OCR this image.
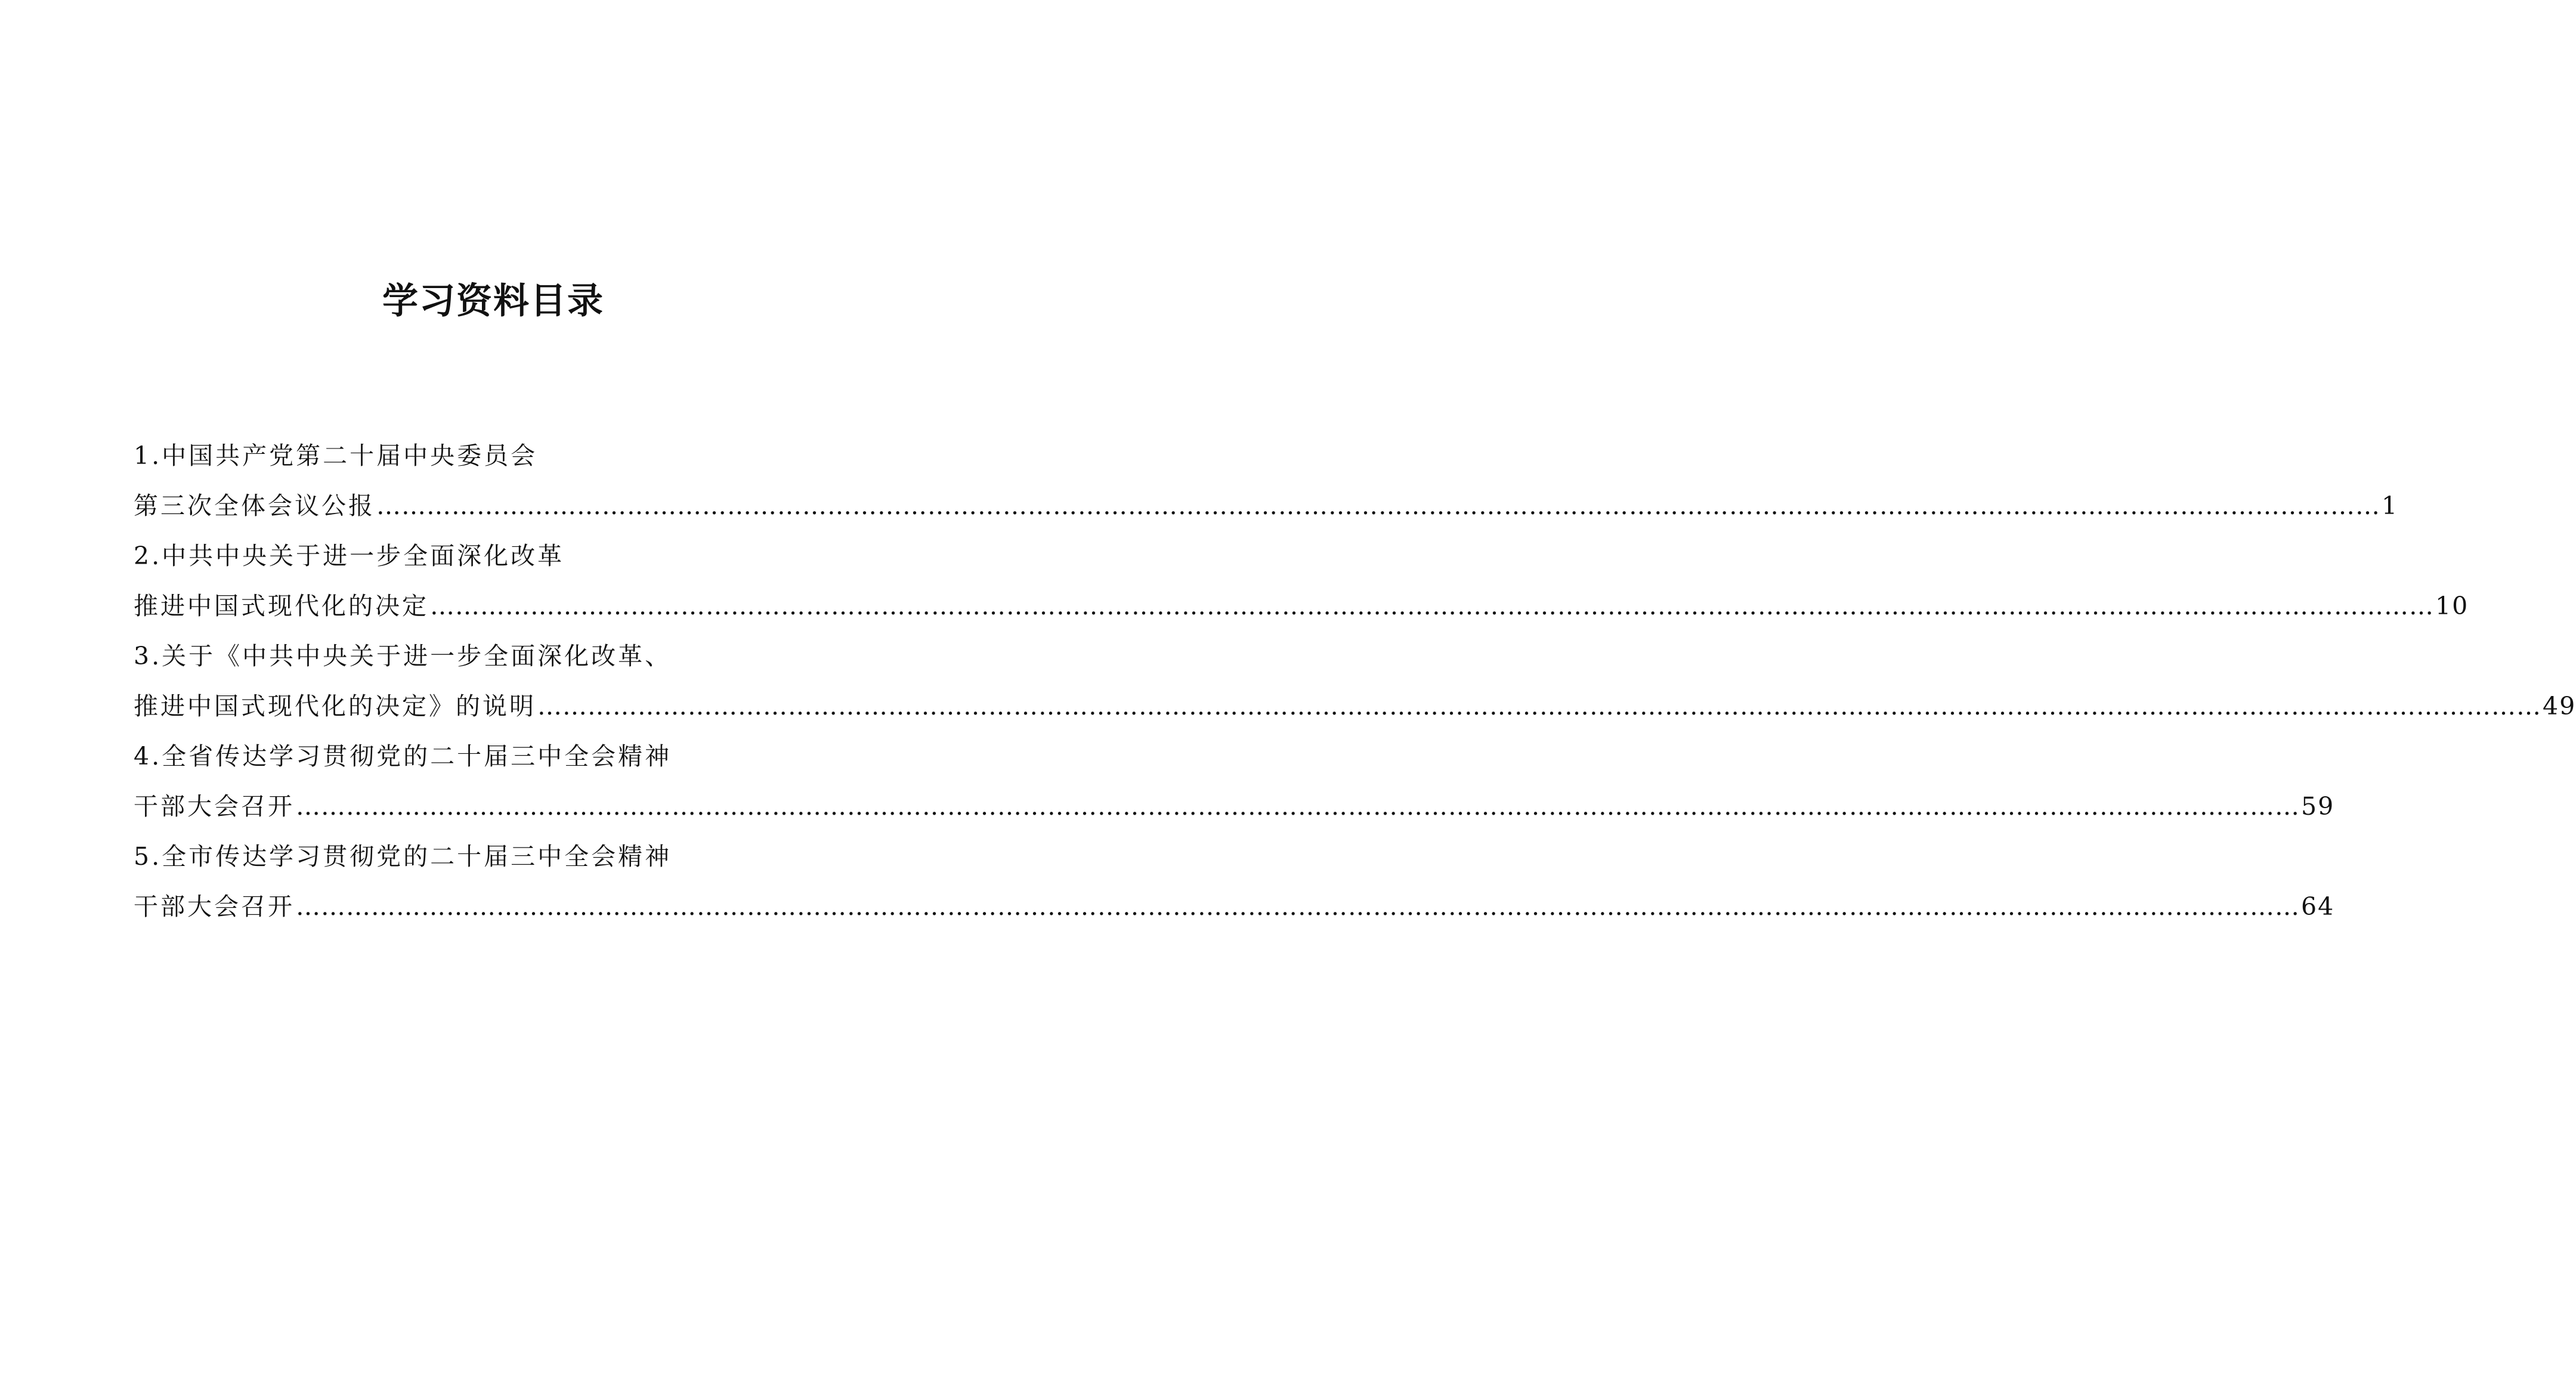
学习资料目录
1.中国共产党第二十届中央委员会
第三次全体会议公报 …………………………………………………………………………………………………………………………………………………………………………………………………………………… 1
2.中共中央关于进一步全面深化改革
推进中国式现代化的决定 …………………………………………………………………………………………………………………………………………………………………………………………………………………… 10
3.关于《中共中央关于进一步全面深化改革、
推进中国式现代化的决定》的说明 …………………………………………………………………………………………………………………………………………………………………………………………………………………… 49
4.全省传达学习贯彻党的二十届三中全会精神
干部大会召开 …………………………………………………………………………………………………………………………………………………………………………………………………………………… 59
5.全市传达学习贯彻党的二十届三中全会精神
干部大会召开 …………………………………………………………………………………………………………………………………………………………………………………………………………………… 64
